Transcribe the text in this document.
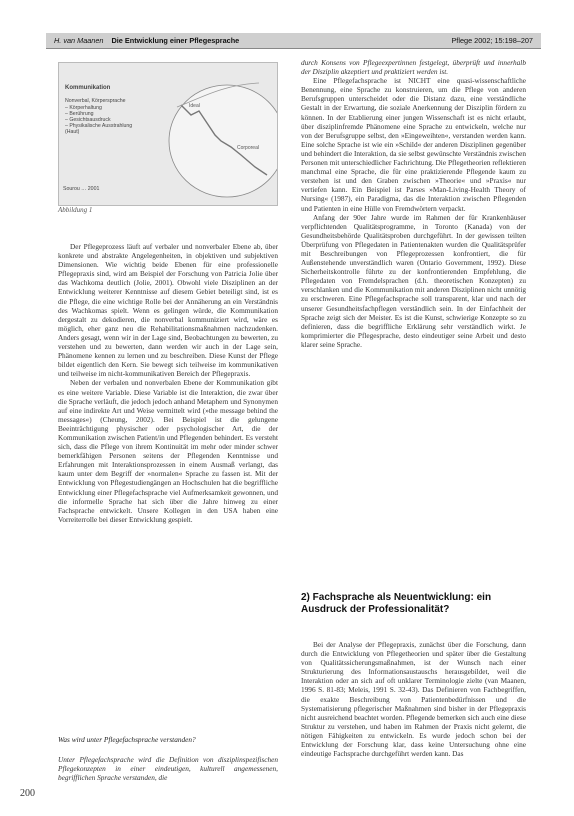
H. van Maanen Die Entwicklung einer Pflegesprache	Pflege 2002; 15:198–207
Ideal
Corporeal
Kommunikation
Nonverbal, Körpersprache
– Körperhaltung
– Berührung
– Gesichtsausdruck
– Physikalische Ausstrahlung
(Haut)
Sourou … 2001
Abbildung 1

Der Pflegeprozess läuft auf verbaler und nonverbaler Ebene ab, über konkrete und abstrakte Angelegenheiten, in objektiven und subjektiven Dimensionen. Wie wichtig beide Ebenen für eine professionelle Pflegepraxis sind, wird am Beispiel der Forschung von Patricia Jolie über das Wachkoma deutlich (Jolie, 2001). Obwohl viele Disziplinen an der Entwicklung weiterer Kenntnisse auf diesem Gebiet beteiligt sind, ist es die Pflege, die eine wichtige Rolle bei der Annäherung an ein Verständnis des Wachkomas spielt. Wenn es gelingen würde, die Kommunikation dergestalt zu dekodieren, die nonverbal kommuniziert wird, wäre es möglich, eher ganz neu die Rehabilitationsmaßnahmen nachzudenken. Anders gesagt, wenn wir in der Lage sind, Beobachtungen zu bewerten, zu verstehen und zu bewerten, dann werden wir auch in der Lage sein, Phänomene kennen zu lernen und zu beschreiben. Diese Kunst der Pflege bildet eigentlich den Kern. Sie bewegt sich teilweise im kommunikativen und teilweise im nicht-kommunikativen Bereich der Pflegepraxis.

Neben der verbalen und nonverbalen Ebene der Kommunikation gibt es eine weitere Variable. Diese Variable ist die Interaktion, die zwar über die Sprache verläuft, die jedoch jedoch anhand Metaphern und Synonymen auf eine indirekte Art und Weise vermittelt wird (»the message behind the messages«) (Cheung, 2002). Bei Beispiel ist die gelungene Beeinträchtigung physischer oder psychologischer Art, die der Kommunikation zwischen Patient/in und Pflegenden behindert. Es versteht sich, dass die Pflege von ihrem Kontinuität im mehr oder minder schwer bemerkfähigen Personen seitens der Pflegenden Kenntnisse und Erfahrungen mit Interaktionsprozessen in einem Ausmaß verlangt, das kaum unter dem Begriff der »normalen« Sprache zu fassen ist. Mit der Entwicklung von Pflegestudiengängen an Hochschulen hat die begriffliche Entwicklung einer Pflegefachsprache viel Aufmerksamkeit gewonnen, und die informelle Sprache hat sich über die Jahre hinweg zu einer Fachsprache entwickelt. Unsere Kollegen in den USA haben eine Vorreiterrolle bei dieser Entwicklung gespielt.

Was wird unter Pflegefachsprache verstanden?

Unter Pflegefachsprache wird die Definition von disziplinspezifischen Pflegekonzepten in einer eindeutigen, kulturell angemessenen, begrifflichen Sprache verstanden, die

durch Konsens von Pflegeexpertinnen festgelegt, überprüft und innerhalb der Disziplin akzeptiert und praktiziert werden ist.

Eine Pflegefachsprache ist NICHT eine quasi-wissenschaftliche Benennung, eine Sprache zu konstruieren, um die Pflege von anderen Berufsgruppen unterscheidet oder die Distanz dazu, eine verständliche Gestalt in der Erwartung, die soziale Anerkennung der Disziplin fördern zu können. In der Etablierung einer jungen Wissenschaft ist es nicht erlaubt, über disziplinfremde Phänomene eine Sprache zu entwickeln, welche nur von der Berufsgruppe selbst, den »Eingeweihten«, verstanden werden kann. Eine solche Sprache ist wie ein »Schild« der anderen Disziplinen gegenüber und behindert die Interaktion, da sie selbst gewünschte Verständnis zwischen Personen mit unterschiedlicher Fachrichtung. Die Pflegetheorien reflektieren manchmal eine Sprache, die für eine praktizierende Pflegende kaum zu verstehen ist und den Graben zwischen »Theorie« und »Praxis« nur vertiefen kann. Ein Beispiel ist Parses »Man-Living-Health Theory of Nursing« (1987), ein Paradigma, das die Interaktion zwischen Pflegenden und Patienten in eine Hülle von Fremdwörtern verpackt.

Anfang der 90er Jahre wurde im Rahmen der für Krankenhäuser verpflichtenden Qualitätsprogramme, in Toronto (Kanada) von der Gesundheitsbehörde Qualitätsproben durchgeführt. In der gewissen teilten Überprüfung von Pflegedaten in Patientenakten wurden die Qualitätsprüfer mit Beschreibungen von Pflegeprozessen konfrontiert, die für Außenstehende unverständlich waren (Ontario Government, 1992). Diese Sicherheitskontrolle führte zu der konfrontierenden Empfehlung, die Pflegedaten von Fremdelsprachen (d.h. theoretischen Konzepten) zu verschlanken und die Kommunikation mit anderen Disziplinen nicht unnötig zu erschweren. Eine Pflegefachsprache soll transparent, klar und nach der unserer Gesundheitsfachpflegen verständlich sein. In der Einfachheit der Sprache zeigt sich der Meister. Es ist die Kunst, schwierige Konzepte so zu definieren, dass die begriffliche Erklärung sehr verständlich wirkt. Je komprimierter die Pflegesprache, desto eindeutiger seine Arbeit und desto klarer seine Sprache.

2) Fachsprache als Neuentwicklung: ein Ausdruck der Professionalität?

Bei der Analyse der Pflegepraxis, zunächst über die Forschung, dann durch die Entwicklung von Pflegetheorien und später über die Gestaltung von Qualitätssicherungsmaßnahmen, ist der Wunsch nach einer Strukturierung des Informationsaustauschs herausgebildet, weil die Interaktion oder an sich auf oft unklarer Terminologie zielte (van Maanen, 1996 S. 81-83; Meleis, 1991 S. 32-43). Das Definieren von Fachbegriffen, die exakte Beschreibung von Patientenbedürfnissen und die Systematisierung pflegerischer Maßnahmen sind bisher in der Pflegepraxis nicht ausreichend beachtet worden. Pflegende bemerken sich auch eine diese Struktur zu verstehen, und haben im Rahmen der Praxis nicht gelernt, die nötigen Fähigkeiten zu entwickeln. Es wurde jedoch schon bei der Entwicklung der Forschung klar, dass keine Untersuchung ohne eine eindeutige Fachsprache durchgeführt werden kann. Das

200
